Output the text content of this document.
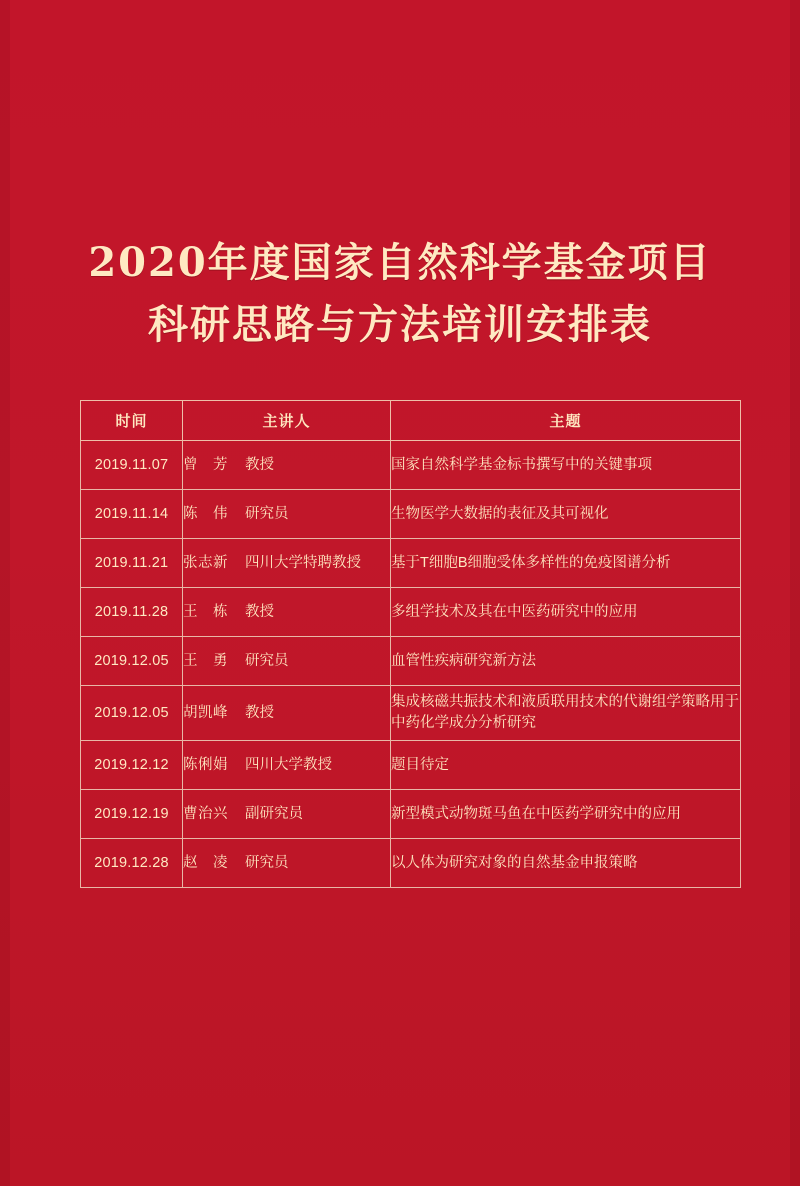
2020年度国家自然科学基金项目
科研思路与方法培训安排表
时间	主讲人	主题
2019.11.07	曾　芳 教授	国家自然科学基金标书撰写中的关键事项
2019.11.14	陈　伟 研究员	生物医学大数据的表征及其可视化
2019.11.21	张志新 四川大学特聘教授	基于T细胞B细胞受体多样性的免疫图谱分析
2019.11.28	王　栋 教授	多组学技术及其在中医药研究中的应用
2019.12.05	王　勇 研究员	血管性疾病研究新方法
2019.12.05	胡凯峰 教授	集成核磁共振技术和液质联用技术的代谢组学策略用于中药化学成分分析研究
2019.12.12	陈俐娟 四川大学教授	题目待定
2019.12.19	曹治兴 副研究员	新型模式动物斑马鱼在中医药学研究中的应用
2019.12.28	赵　凌 研究员	以人体为研究对象的自然基金申报策略
